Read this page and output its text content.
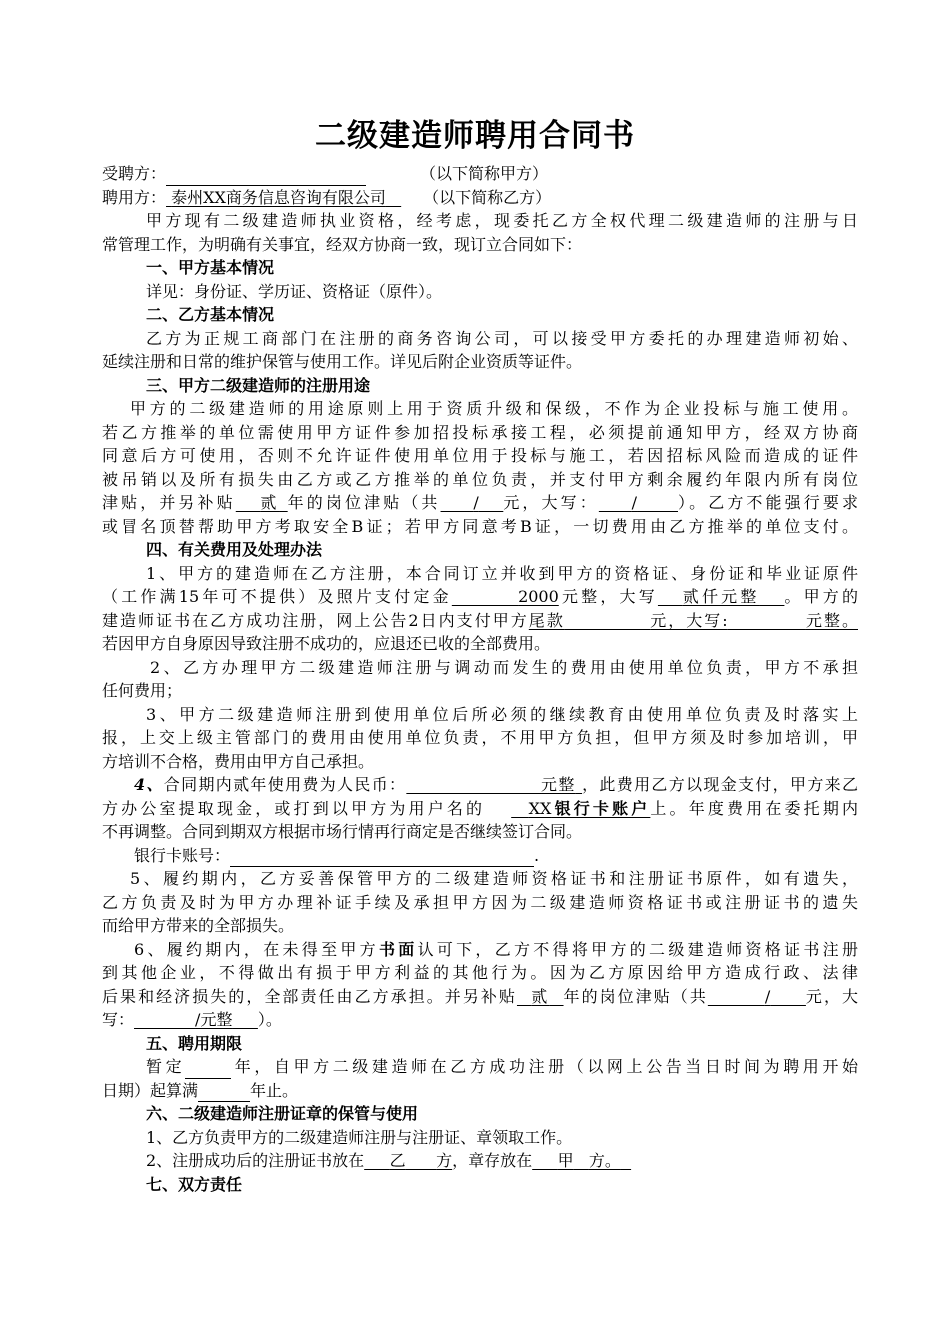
二级建造师聘用合同书
受聘方：	（以下简称甲方）
聘用方： 泰州XX商务信息咨询有限公司 （以下简称乙方）
甲方现有二级建造师执业资格，经考虑，现委托乙方全权代理二级建造师的注册与日
常管理工作，为明确有关事宜，经双方协商一致，现订立合同如下：
一、甲方基本情况
详见：身份证、学历证、资格证（原件）。
二、乙方基本情况
乙方为正规工商部门在注册的商务咨询公司，可以接受甲方委托的办理建造师初始、
延续注册和日常的维护保管与使用工作。详见后附企业资质等证件。
三、甲方二级建造师的注册用途
甲方的二级建造师的用途原则上用于资质升级和保级，不作为企业投标与施工使用。
若乙方推举的单位需使用甲方证件参加招投标承接工程，必须提前通知甲方，经双方协商
同意后方可使用，否则不允许证件使用单位用于投标与施工，若因招标风险而造成的证件
被吊销以及所有损失由乙方或乙方推举的单位负责，并支付甲方剩余履约年限内所有岗位
津贴，并另补贴 贰 年的岗位津贴（共 / 元，大写： /	）。乙方不能强行要求
或冒名顶替帮助甲方考取安全B证；若甲方同意考B证，一切费用由乙方推举的单位支付。
四、有关费用及处理办法
1、甲方的建造师在乙方注册，本合同订立并收到甲方的资格证、身份证和毕业证原件
（工作满15年可不提供）及照片支付定金	2000元整，大写 贰仟元整 。甲方的
建造师证书在乙方成功注册，网上公告2日内支付甲方尾款	元，大写:	元整。
若因甲方自身原因导致注册不成功的，应退还已收的全部费用。
2、乙方办理甲方二级建造师注册与调动而发生的费用由使用单位负责，甲方不承担
任何费用；
3、甲方二级建造师注册到使用单位后所必须的继续教育由使用单位负责及时落实上
报，上交上级主管部门的费用由使用单位负责，不用甲方负担，但甲方须及时参加培训，甲
方培训不合格，费用由甲方自己承担。
4、合同期内贰年使用费为人民币：	元整 ，此费用乙方以现金支付，甲方来乙
方办公室提取现金，或打到以甲方为用户名的	XX银行卡账户上。年度费用在委托期内
不再调整。合同到期双方根据市场行情再行商定是否继续签订合同。
银行卡账号：	.
5、履约期内，乙方妥善保管甲方的二级建造师资格证书和注册证书原件，如有遗失，
乙方负责及时为甲方办理补证手续及承担甲方因为二级建造师资格证书或注册证书的遗失
而给甲方带来的全部损失。
6、履约期内，在未得至甲方书面认可下，乙方不得将甲方的二级建造师资格证书注册
到其他企业，不得做出有损于甲方利益的其他行为。因为乙方原因给甲方造成行政、法律
后果和经济损失的，全部责任由乙方承担。并另补贴 贰 年的岗位津贴（共	/ 元，大
写：	/元整 ）。
五、聘用期限
暂定	年，自甲方二级建造师在乙方成功注册（以网上公告当日时间为聘用开始
日期）起算满	年止。
六、二级建造师注册证章的保管与使用
1、乙方负责甲方的二级建造师注册与注册证、章领取工作。
2、注册成功后的注册证书放在 乙 方，章存放在 甲 方。
七、双方责任
